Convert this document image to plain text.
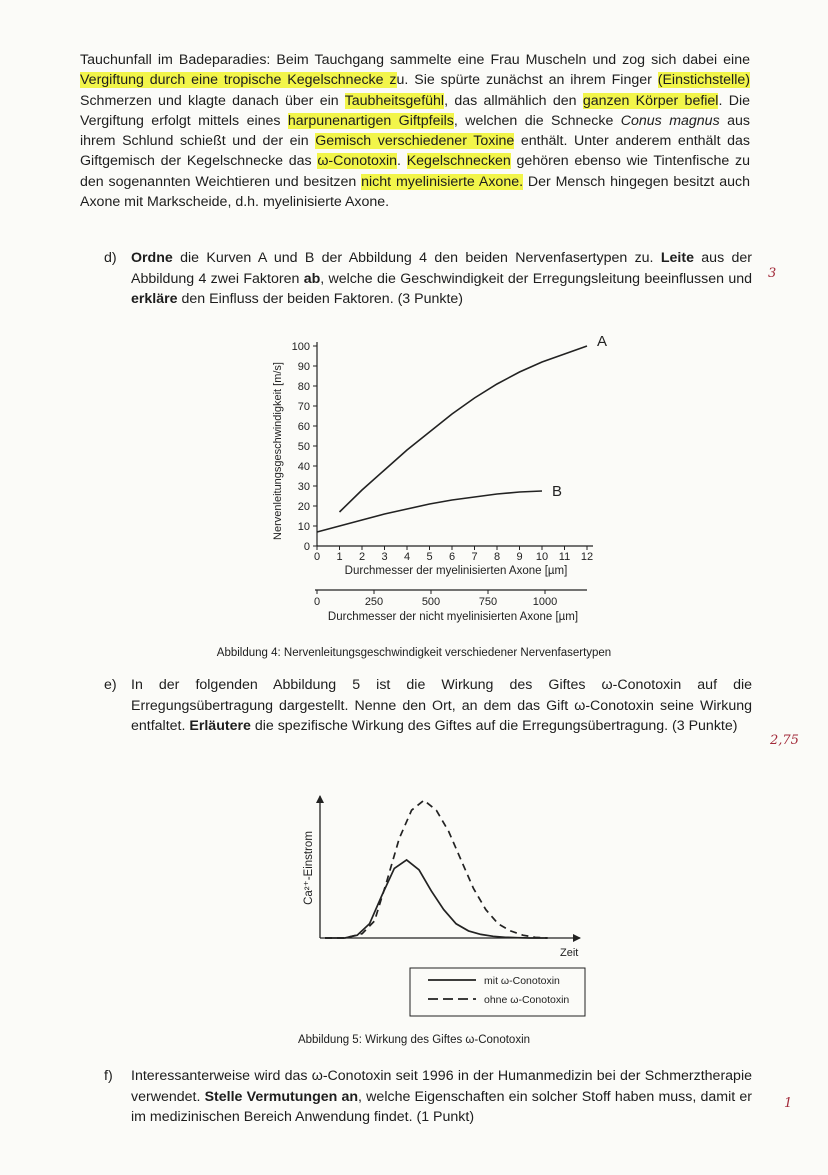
Tauchunfall im Badeparadies: Beim Tauchgang sammelte eine Frau Muscheln und zog sich dabei eine Vergiftung durch eine tropische Kegelschnecke zu. Sie spürte zunächst an ihrem Finger (Einstichstelle) Schmerzen und klagte danach über ein Taubheitsgefühl, das allmählich den ganzen Körper befiel. Die Vergiftung erfolgt mittels eines harpunenartigen Giftpfeils, welchen die Schnecke Conus magnus aus ihrem Schlund schießt und der ein Gemisch verschiedener Toxine enthält. Unter anderem enthält das Giftgemisch der Kegelschnecke das ω-Conotoxin. Kegelschnecken gehören ebenso wie Tintenfische zu den sogenannten Weichtieren und besitzen nicht myelinisierte Axone. Der Mensch hingegen besitzt auch Axone mit Markscheide, d.h. myelinisierte Axone.
d) Ordne die Kurven A und B der Abbildung 4 den beiden Nervenfasertypen zu. Leite aus der Abbildung 4 zwei Faktoren ab, welche die Geschwindigkeit der Erregungsleitung beeinflussen und erkläre den Einfluss der beiden Faktoren. (3 Punkte)
3
0
10
20
30
40
50
60
70
80
90
100
0 1 2 3 4 5 6 7 8 9 10 11 12
Durchmesser der myelinisierten Axone [µm]
Nervenleitungsgeschwindigkeit [m/s]
0	250	500	750	1000
Durchmesser der nicht myelinisierten Axone [µm]
A
B
Abbildung 4: Nervenleitungsgeschwindigkeit verschiedener Nervenfasertypen
e) In der folgenden Abbildung 5 ist die Wirkung des Giftes ω-Conotoxin auf die Erregungsübertragung dargestellt. Nenne den Ort, an dem das Gift ω-Conotoxin seine Wirkung entfaltet. Erläutere die spezifische Wirkung des Giftes auf die Erregungsübertragung. (3 Punkte)
2,75
Zeit
Ca²⁺-Einstrom
mit ω-Conotoxin
ohne ω-Conotoxin
Abbildung 5: Wirkung des Giftes ω-Conotoxin
f) Interessanterweise wird das ω-Conotoxin seit 1996 in der Humanmedizin bei der Schmerztherapie verwendet. Stelle Vermutungen an, welche Eigenschaften ein solcher Stoff haben muss, damit er im medizinischen Bereich Anwendung findet. (1 Punkt)
1
